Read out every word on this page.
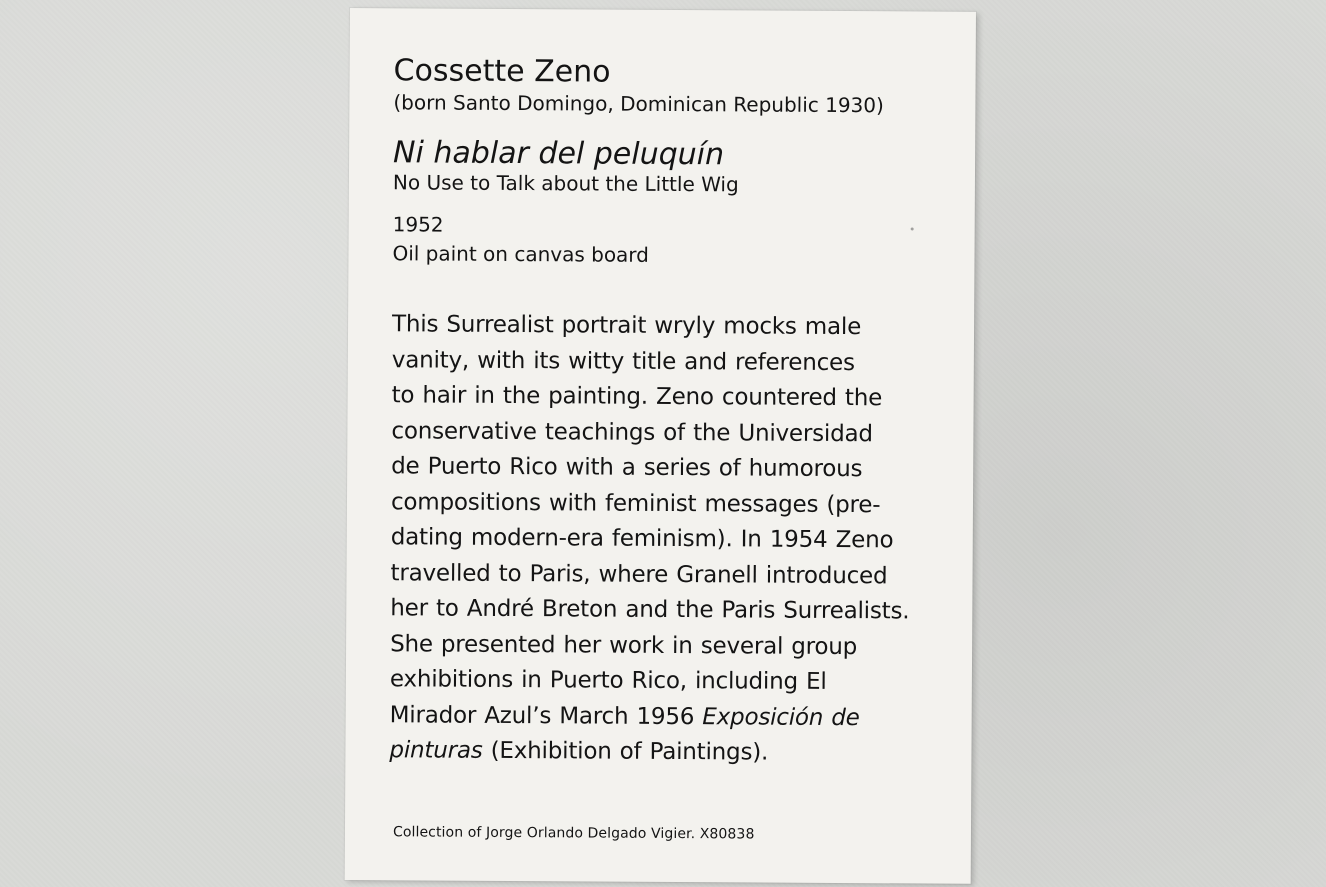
Cossette Zeno
(born Santo Domingo, Dominican Republic 1930)
Ni hablar del peluquín
No Use to Talk about the Little Wig
1952
Oil paint on canvas board
This Surrealist portrait wryly mocks male
vanity, with its witty title and references
to hair in the painting. Zeno countered the
conservative teachings of the Universidad
de Puerto Rico with a series of humorous
compositions with feminist messages (pre-
dating modern-era feminism). In 1954 Zeno
travelled to Paris, where Granell introduced
her to André Breton and the Paris Surrealists.
She presented her work in several group
exhibitions in Puerto Rico, including El
Mirador Azul’s March 1956 Exposición de
pinturas (Exhibition of Paintings).
Collection of Jorge Orlando Delgado Vigier. X80838
